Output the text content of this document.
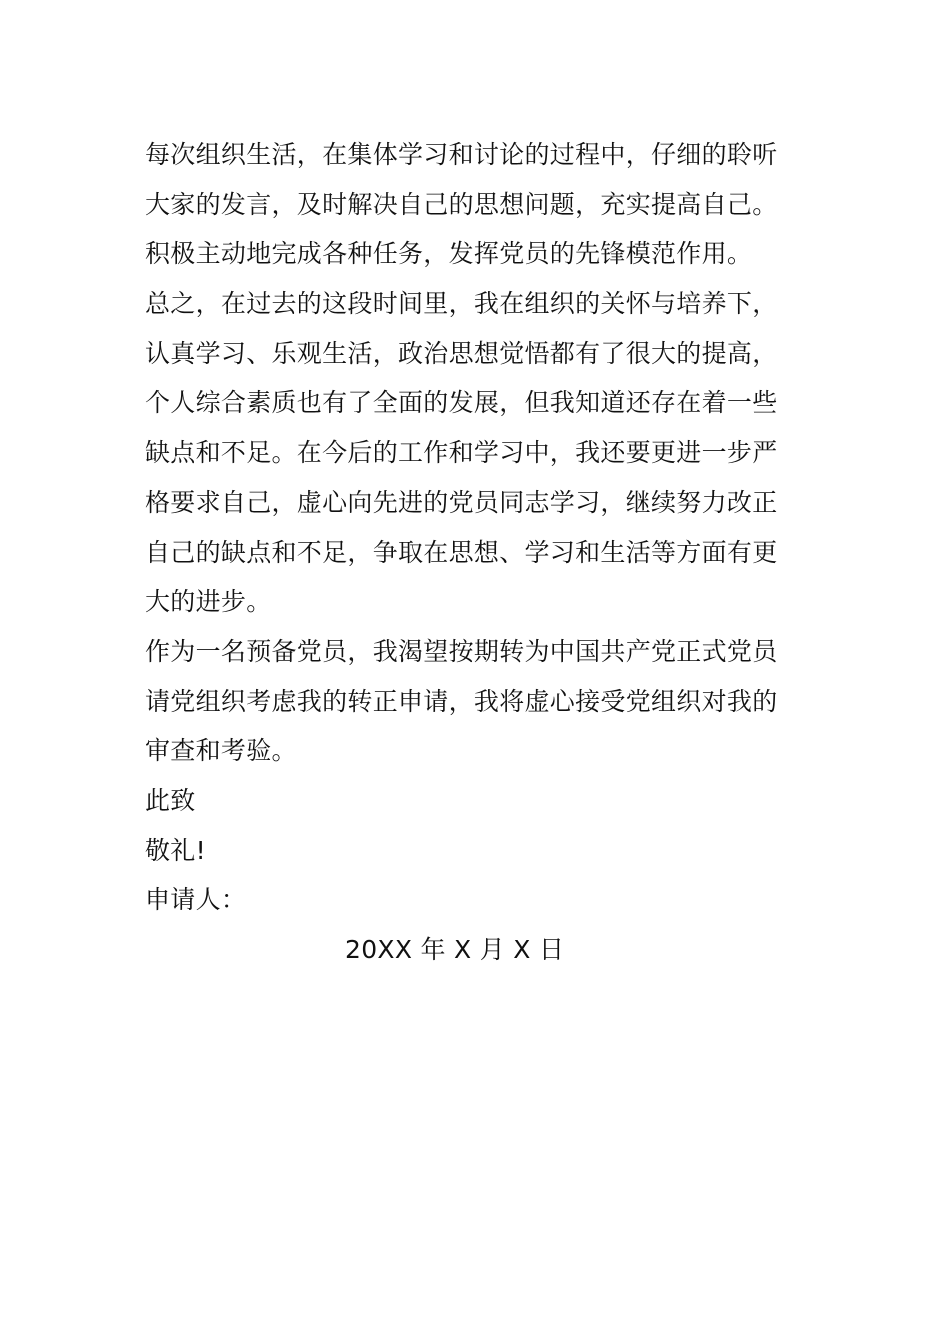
每次组织生活，在集体学习和讨论的过程中，仔细的聆听
大家的发言，及时解决自己的思想问题，充实提高自己。
积极主动地完成各种任务，发挥党员的先锋模范作用。
总之，在过去的这段时间里，我在组织的关怀与培养下，
认真学习、乐观生活，政治思想觉悟都有了很大的提高，
个人综合素质也有了全面的发展，但我知道还存在着一些
缺点和不足。在今后的工作和学习中，我还要更进一步严
格要求自己，虚心向先进的党员同志学习，继续努力改正
自己的缺点和不足，争取在思想、学习和生活等方面有更
大的进步。
作为一名预备党员，我渴望按期转为中国共产党正式党员
请党组织考虑我的转正申请，我将虚心接受党组织对我的
审查和考验。
此致
敬礼!
申请人：
20XX 年 X 月 X 日
